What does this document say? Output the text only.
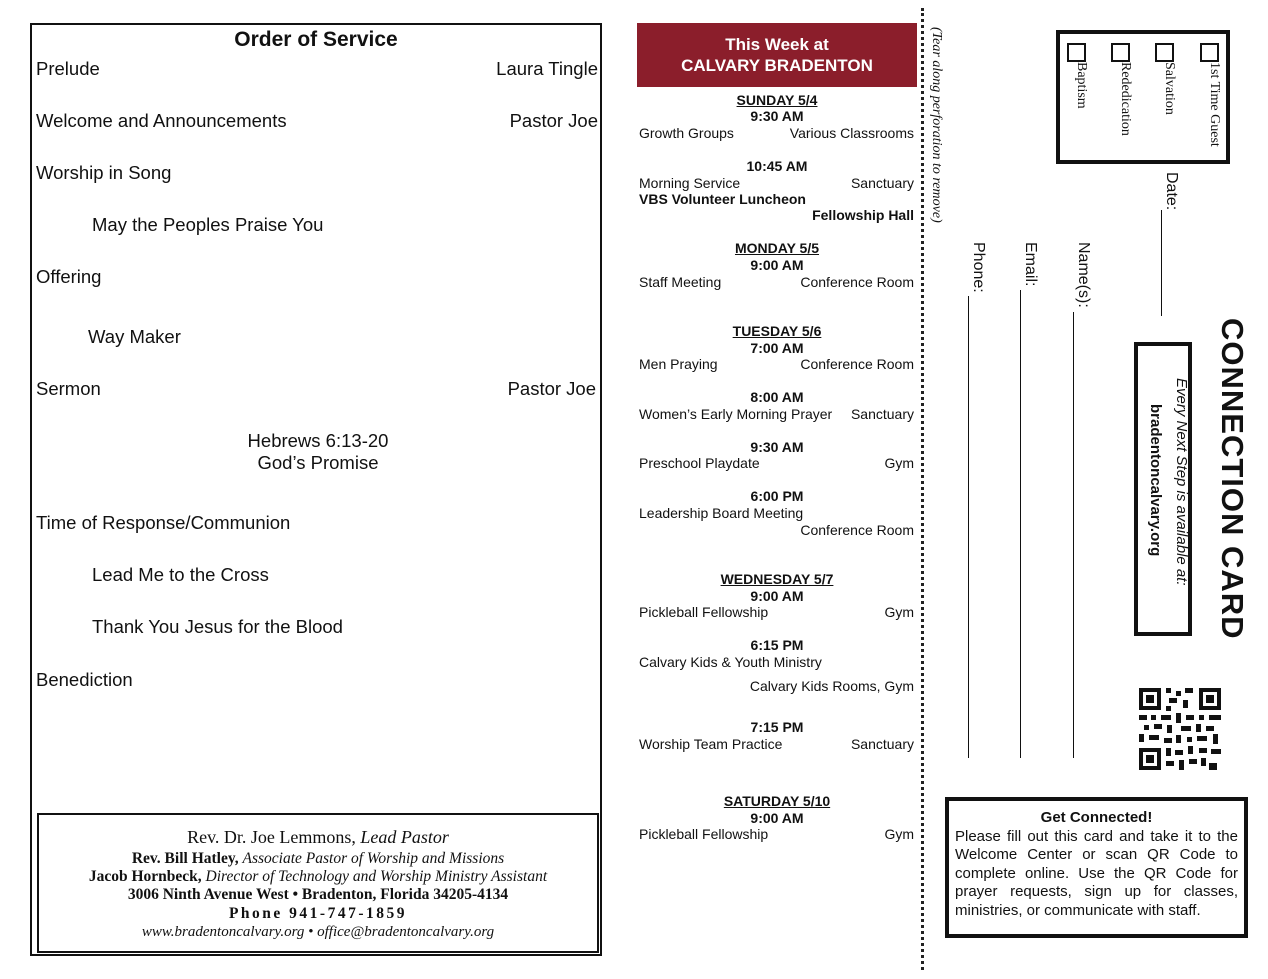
Order of Service
Prelude	Laura Tingle
Welcome and Announcements	Pastor Joe
Worship in Song
May the Peoples Praise You
Offering
Way Maker
Sermon	Pastor Joe
Hebrews 6:13-20
God’s Promise
Time of Response/Communion
Lead Me to the Cross
Thank You Jesus for the Blood
Benediction
Rev. Dr. Joe Lemmons, Lead Pastor
Rev. Bill Hatley, Associate Pastor of Worship and Missions
Jacob Hornbeck, Director of Technology and Worship Ministry Assistant
3006 Ninth Avenue West • Bradenton, Florida 34205-4134
Phone 941-747-1859
www.bradentoncalvary.org • office@bradentoncalvary.org
This Week at
CALVARY BRADENTON
SUNDAY 5/4
9:30 AM
Growth Groups	Various Classrooms
10:45 AM
Morning Service	Sanctuary
VBS Volunteer Luncheon
Fellowship Hall
MONDAY 5/5
9:00 AM
Staff Meeting	Conference Room
TUESDAY 5/6
7:00 AM
Men Praying	Conference Room
8:00 AM
Women’s Early Morning Prayer Sanctuary
9:30 AM
Preschool Playdate	Gym
6:00 PM
Leadership Board Meeting
Conference Room
WEDNESDAY 5/7
9:00 AM
Pickleball Fellowship	Gym
6:15 PM
Calvary Kids & Youth Ministry
Calvary Kids Rooms, Gym
7:15 PM
Worship Team Practice	Sanctuary
SATURDAY 5/10
9:00 AM
Pickleball Fellowship	Gym
(Tear along perforation to remove)	1st Time Guest
Salvation
Rededication
Baptism
Date:
CONNECTION CARD
Every Next Step is available at:
bradentoncalvary.org
Name(s):
Email:
Phone:
Get Connected!
Please fill out this card and take it to the Welcome Center or scan QR Code to complete online. Use the QR Code for prayer requests, sign up for classes, ministries, or communicate with staff.
